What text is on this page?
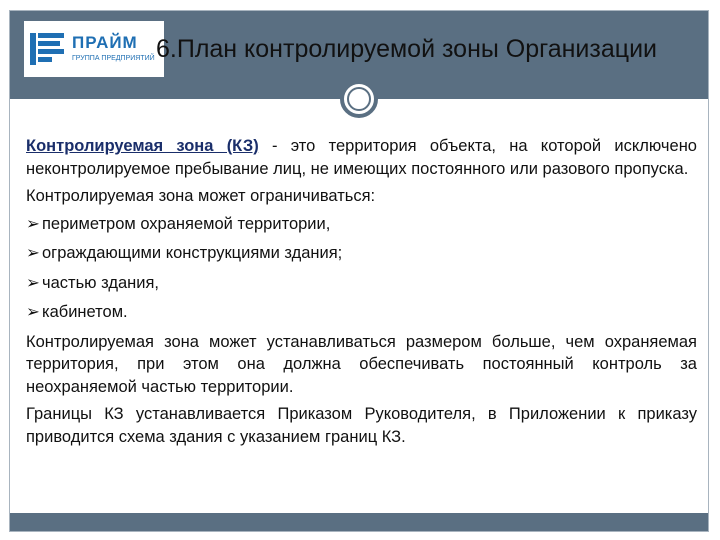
ПРАЙМ
ГРУППА ПРЕДПРИЯТИЙ 6.План контролируемой зоны Организации

Контролируемая зона (КЗ) - это территория объекта, на которой исключено неконтролируемое пребывание лиц, не имеющих постоянного или разового пропуска.

Контролируемая зона может ограничиваться:

➢ периметром охраняемой территории,
➢ ограждающими конструкциями здания;
➢ частью здания,
➢ кабинетом.

Контролируемая зона может устанавливаться размером больше, чем охраняемая территория, при этом она должна обеспечивать постоянный контроль за неохраняемой частью территории.

Границы КЗ устанавливается Приказом Руководителя, в Приложении к приказу приводится схема здания с указанием границ КЗ.
